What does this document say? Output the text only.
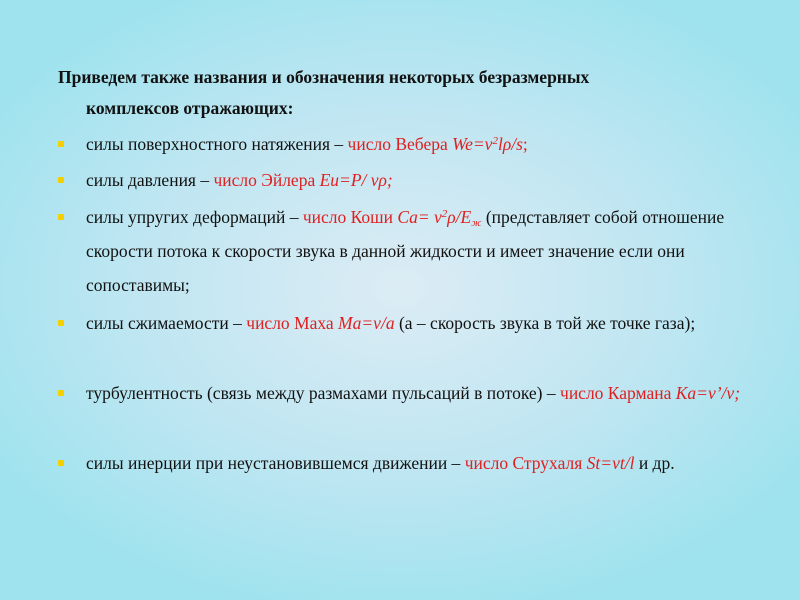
Приведем также названия и обозначения некоторых безразмерных
комплексов отражающих:
силы поверхностного натяжения – число Вебера $We=v^2l\rho/s$;
силы давления – число Эйлера Eu=P/ vρ;
силы упругих деформаций – число Коши $Ca= v^2\rho/E_ж$ (представляет собой отношение скорости потока к скорости звука в данной жидкости и имеет значение если они сопоставимы;
силы сжимаемости – число Маха Ma=v/a (a – скорость звука в той же точке газа);
турбулентность (связь между размахами пульсаций в потоке) – число Кармана Ka=v’/v;
силы инерции при неустановившемся движении – число Струхаля St=vt/l и др.
